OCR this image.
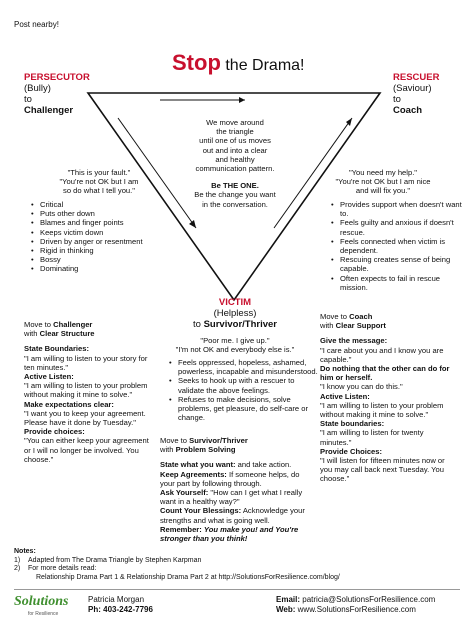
Post nearby!
Stop the Drama!
PERSECUTOR
(Bully)
to
Challenger
RESCUER
(Saviour)
to
Coach
VICTIM
(Helpless)
to Survivor/Thriver
We move around
the triangle
until one of us moves
out and into a clear
and healthy
communication pattern.
Be THE ONE.
Be the change you want
in the conversation.
"This is your fault."
"You're not OK but I am
so do what I tell you."
• Critical
• Puts other down
• Blames and finger points
• Keeps victim down
• Driven by anger or resentment
• Rigid in thinking
• Bossy
• Dominating
"You need my help."
"You're not OK but I am nice
and will fix you."
• Provides support when doesn't want to.
• Feels guilty and anxious if doesn't rescue.
• Feels connected when victim is dependent.
• Rescuing creates sense of being capable.
• Often expects to fail in rescue mission.
"Poor me. I give up."
"I'm not OK and everybody else is."
• Feels oppressed, hopeless, ashamed, powerless, incapable and misunderstood.
• Seeks to hook up with a rescuer to validate the above feelings.
• Refuses to make decisions, solve problems, get pleasure, do self-care or change.
Move to Challenger
with Clear Structure
State Boundaries:
"I am willing to listen to your story for ten minutes."
Active Listen:
"I am willing to listen to your problem without making it mine to solve."
Make expectations clear:
"I want you to keep your agreement. Please have it done by Tuesday."
Provide choices:
"You can either keep your agreement or I will no longer be involved. You choose."
Move to Coach
with Clear Support
Give the message:
"I care about you and I know you are capable."
Do nothing that the other can do for him or herself.
"I know you can do this."
Active Listen:
"I am willing to listen to your problem without making it mine to solve."
State boundaries:
"I am willing to listen for twenty minutes."
Provide Choices:
"I will listen for fifteen minutes now or you may call back next Tuesday. You choose."
Move to Survivor/Thriver
with Problem Solving
State what you want: and take action.
Keep Agreements: If someone helps, do your part by following through.
Ask Yourself: "How can I get what I really want in a healthy way?"
Count Your Blessings: Acknowledge your strengths and what is going well.
Remember: You make you! and You're stronger than you think!
Notes:
1) Adapted from The Drama Triangle by Stephen Karpman
2) For more details read:
Relationship Drama Part 1 & Relationship Drama Part 2 at http://SolutionsForResilience.com/blog/
Solutions
for Resilience
Patricia Morgan
Ph: 403-242-7796
Email: patricia@SolutionsForResilience.com
Web: www.SolutionsForResilience.com
